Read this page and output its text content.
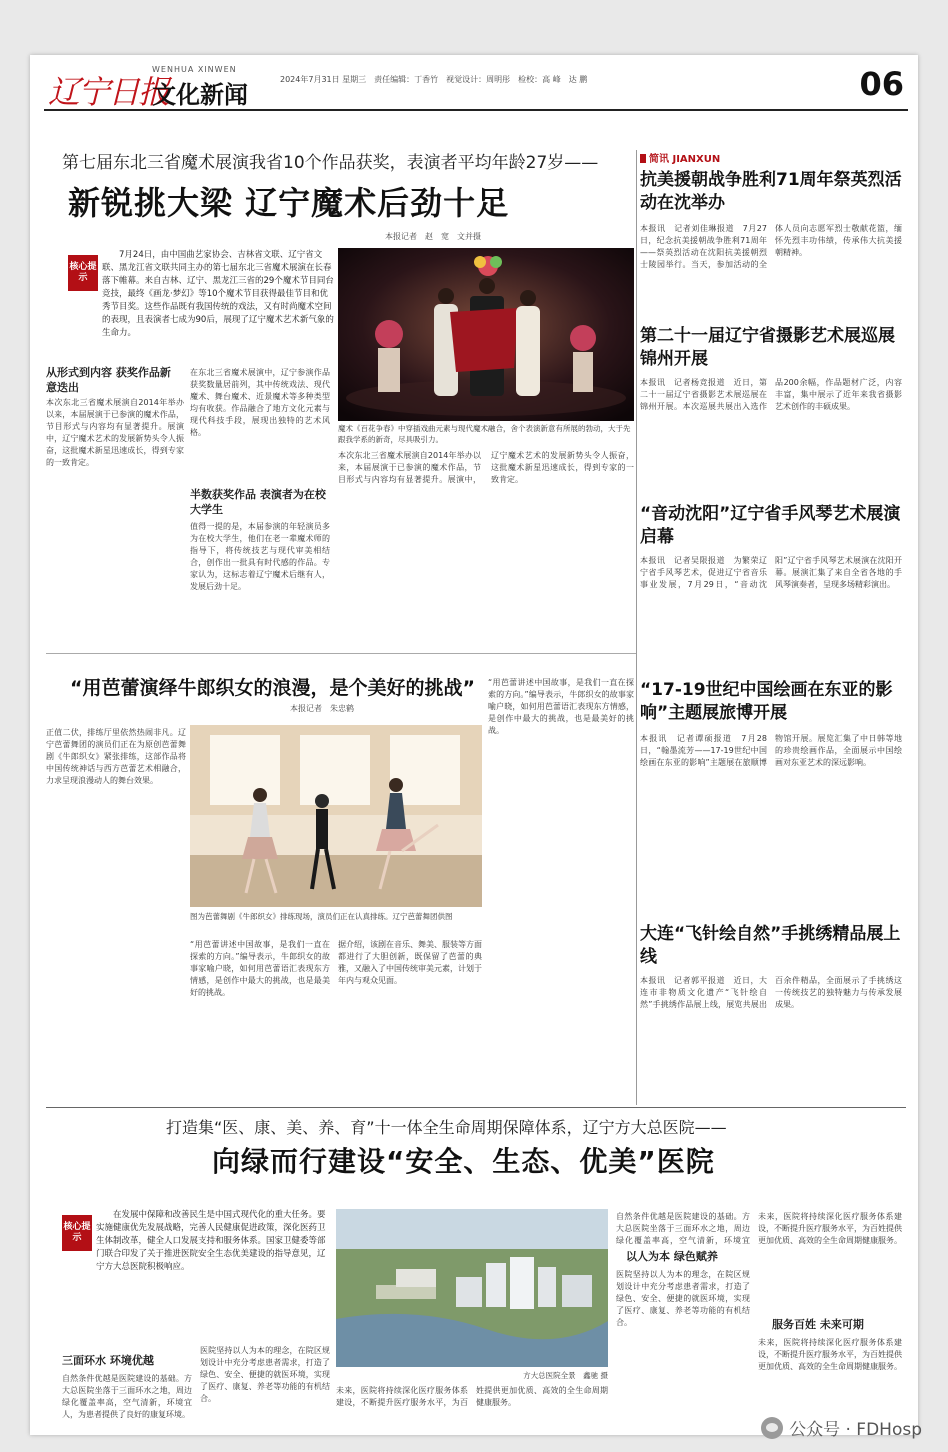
辽宁日报
WENHUA XINWEN
文化新闻
2024年7月31日 星期三　责任编辑：丁香竹　视觉设计：周明彤　检校：高 峰　达 鹏	06
第七届东北三省魔术展演我省10个作品获奖，表演者平均年龄27岁——
新锐挑大梁 辽宁魔术后劲十足
本报记者　赵　宽　文并摄
核心提示
7月24日，由中国曲艺家协会、吉林省文联、辽宁省文联、黑龙江省文联共同主办的第七届东北三省魔术展演在长春落下帷幕。来自吉林、辽宁、黑龙江三省的29个魔术节目同台竞技，最终《画龙·梦幻》等10个魔术节目获得最佳节目和优秀节目奖。这些作品既有我国传统的戏法，又有时尚魔术空间的表现，且表演者七成为90后，展现了辽宁魔术艺术新气象的生命力。
魔术《百花争春》中穿插戏曲元素与现代魔术融合，舍个表演新意有所展的勃动，大于先跟我学系的新奇，尽具吸引力。
从形式到内容 获奖作品新意迭出
本次东北三省魔术展演自2014年举办以来，本届展演于已参演的魔术作品，节目形式与内容均有显著提升。展演中，辽宁魔术艺术的发展新势头令人振奋，这批魔术新星迅速成长，得到专家的一致肯定。
在东北三省魔术展演中，辽宁参演作品获奖数量居前列，其中传统戏法、现代魔术、舞台魔术、近景魔术等多种类型均有收获。作品融合了地方文化元素与现代科技手段，展现出独特的艺术风格。
半数获奖作品 表演者为在校大学生
值得一提的是，本届参演的年轻演员多为在校大学生，他们在老一辈魔术师的指导下，将传统技艺与现代审美相结合，创作出一批具有时代感的作品。专家认为，这标志着辽宁魔术后继有人，发展后劲十足。
本次东北三省魔术展演自2014年举办以来，本届展演于已参演的魔术作品，节目形式与内容均有显著提升。展演中，辽宁魔术艺术的发展新势头令人振奋，这批魔术新星迅速成长，得到专家的一致肯定。
“用芭蕾演绎牛郎织女的浪漫，是个美好的挑战”
本报记者　朱忠鹤
正值二伏，排练厅里依然热闹非凡。辽宁芭蕾舞团的演员们正在为原创芭蕾舞剧《牛郎织女》紧张排练，这部作品将中国传统神话与西方芭蕾艺术相融合，力求呈现浪漫动人的舞台效果。
图为芭蕾舞剧《牛郎织女》排练现场，演员们正在认真排练。辽宁芭蕾舞团供图
“用芭蕾讲述中国故事，是我们一直在探索的方向。”编导表示，牛郎织女的故事家喻户晓，如何用芭蕾语汇表现东方情感，是创作中最大的挑战，也是最美好的挑战。
据介绍，该剧在音乐、舞美、服装等方面都进行了大胆创新，既保留了芭蕾的典雅，又融入了中国传统审美元素，计划于年内与观众见面。
“用芭蕾讲述中国故事，是我们一直在探索的方向。”编导表示，牛郎织女的故事家喻户晓，如何用芭蕾语汇表现东方情感，是创作中最大的挑战，也是最美好的挑战。
简讯 JIANXUN
抗美援朝战争胜利71周年祭英烈活动在沈举办
本报讯　记者刘佳琳报道　7月27日，纪念抗美援朝战争胜利71周年——祭英烈活动在沈阳抗美援朝烈士陵园举行。当天，参加活动的全体人员向志愿军烈士敬献花篮，缅怀先烈丰功伟绩，传承伟大抗美援朝精神。
第二十一届辽宁省摄影艺术展巡展锦州开展
本报讯　记者杨竞报道　近日，第二十一届辽宁省摄影艺术展巡展在锦州开展。本次巡展共展出入选作品200余幅，作品题材广泛，内容丰富，集中展示了近年来我省摄影艺术创作的丰硕成果。
“音动沈阳”辽宁省手风琴艺术展演启幕
本报讯　记者吴限报道　为繁荣辽宁省手风琴艺术，促进辽宁省音乐事业发展，7月29日，“音动沈阳”辽宁省手风琴艺术展演在沈阳开幕。展演汇集了来自全省各地的手风琴演奏者，呈现多场精彩演出。
“17-19世纪中国绘画在东亚的影响”主题展旅博开展
本报讯　记者谭硕报道　7月28日，“翰墨流芳——17-19世纪中国绘画在东亚的影响”主题展在旅顺博物馆开展。展览汇集了中日韩等地的珍贵绘画作品，全面展示中国绘画对东亚艺术的深远影响。
大连“飞针绘自然”手挑绣精品展上线
本报讯　记者郭平报道　近日，大连市非物质文化遗产“飞针绘自然”手挑绣作品展上线，展览共展出百余件精品，全面展示了手挑绣这一传统技艺的独特魅力与传承发展成果。
打造集“医、康、美、养、育”十一体全生命周期保障体系，辽宁方大总医院——
向绿而行建设“安全、生态、优美”医院
核心提示
在发展中保障和改善民生是中国式现代化的重大任务。要实施健康优先发展战略，完善人民健康促进政策，深化医药卫生体制改革，健全人口发展支持和服务体系。国家卫健委等部门联合印发了关于推进医院安全生态优美建设的指导意见，辽宁方大总医院积极响应。
方大总医院全景　鑫驰 摄
三面环水 环境优越
自然条件优越是医院建设的基础。方大总医院坐落于三面环水之地，周边绿化覆盖率高，空气清新，环境宜人，为患者提供了良好的康复环境。
医院坚持以人为本的理念，在院区规划设计中充分考虑患者需求，打造了绿色、安全、便捷的就医环境，实现了医疗、康复、养老等功能的有机结合。
未来，医院将持续深化医疗服务体系建设，不断提升医疗服务水平，为百姓提供更加优质、高效的全生命周期健康服务。
自然条件优越是医院建设的基础。方大总医院坐落于三面环水之地，周边绿化覆盖率高，空气清新，环境宜
以人为本 绿色赋养
医院坚持以人为本的理念，在院区规划设计中充分考虑患者需求，打造了绿色、安全、便捷的就医环境，实现了医疗、康复、养老等功能的有机结合。
未来，医院将持续深化医疗服务体系建设，不断提升医疗服务水平，为百姓提供更加优质、高效的全生命周期健康服务。
服务百姓 未来可期
未来，医院将持续深化医疗服务体系建设，不断提升医疗服务水平，为百姓提供更加优质、高效的全生命周期健康服务。
公众号 · FDHosp
